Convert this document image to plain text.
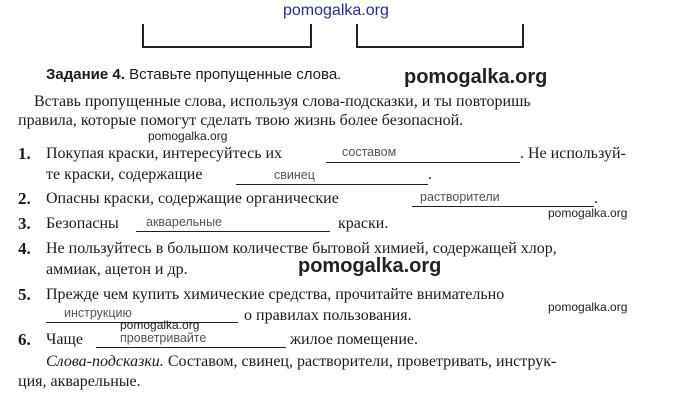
pomogalka.org
pomogalka.org
pomogalka.org
pomogalka.org
pomogalka.org
pomogalka.org
pomogalka.org
Задание 4. Вставьте пропущенные слова.
Вставь пропущенные слова, используя слова-подсказки, и ты повторишь
правила, которые помогут сделать твою жизнь более безопасной.
1. Покупая краски, интересуйтесь их	составом	. Не используй-
те краски, содержащие	свинец	.
2. Опасны краски, содержащие органические	растворители	.
3. Безопасны акварельные	краски.
4. Не пользуйтесь в большом количестве бытовой химией, содержащей хлор,
аммиак, ацетон и др.
5. Прежде чем купить химические средства, прочитайте внимательно
инструкцию	о правилах пользования.
6. Чаще	проветривайте	жилое помещение.
Слова-подсказки. Составом, свинец, растворители, проветривать, инструк-
ция, акварельные.
